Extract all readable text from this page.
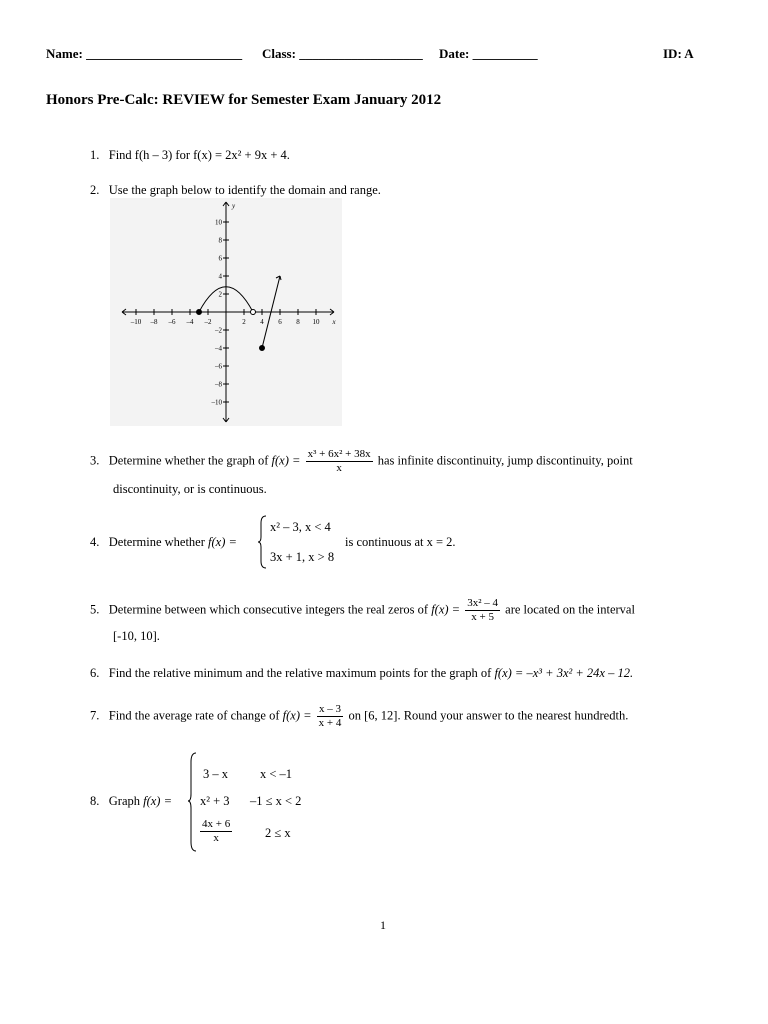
Name: ________________________ Class: ___________________ Date: __________	ID: A
Honors Pre-Calc: REVIEW for Semester Exam January 2012
1. Find f(h – 3) for f(x) = 2x² + 9x + 4.
2. Use the graph below to identify the domain and range.
–10 –8 –6 –4 –2	2 4 6 8 10
10
8
6
4
2
–2
–4
–6
–8
–10
x
y
3. Determine whether the graph of $f(x) = \frac{\text{x³ + 6x² + 38x}}{x}$ has infinite discontinuity, jump discontinuity, point
discontinuity, or is continuous.
4. Determine whether f(x) =
x² – 3, x < 4
3x + 1, x > 8
is continuous at x = 2.
5. Determine between which consecutive integers the real zeros of $f(x) = \frac{\text{3x² – 4}}{x + 5}$ are located on the interval
[-10, 10].
6. Find the relative minimum and the relative maximum points for the graph of f(x) = –x³ + 3x² + 24x – 12.
7. Find the average rate of change of $f(x) = \frac{x - 3}{x + 4}$ on [6, 12]. Round your answer to the nearest hundredth.
8. Graph f(x) =
3 – x	x < –1
x² + 3 –1 ≤ x < 2
$\frac{4x + 6}{x}$	2 ≤ x
1
